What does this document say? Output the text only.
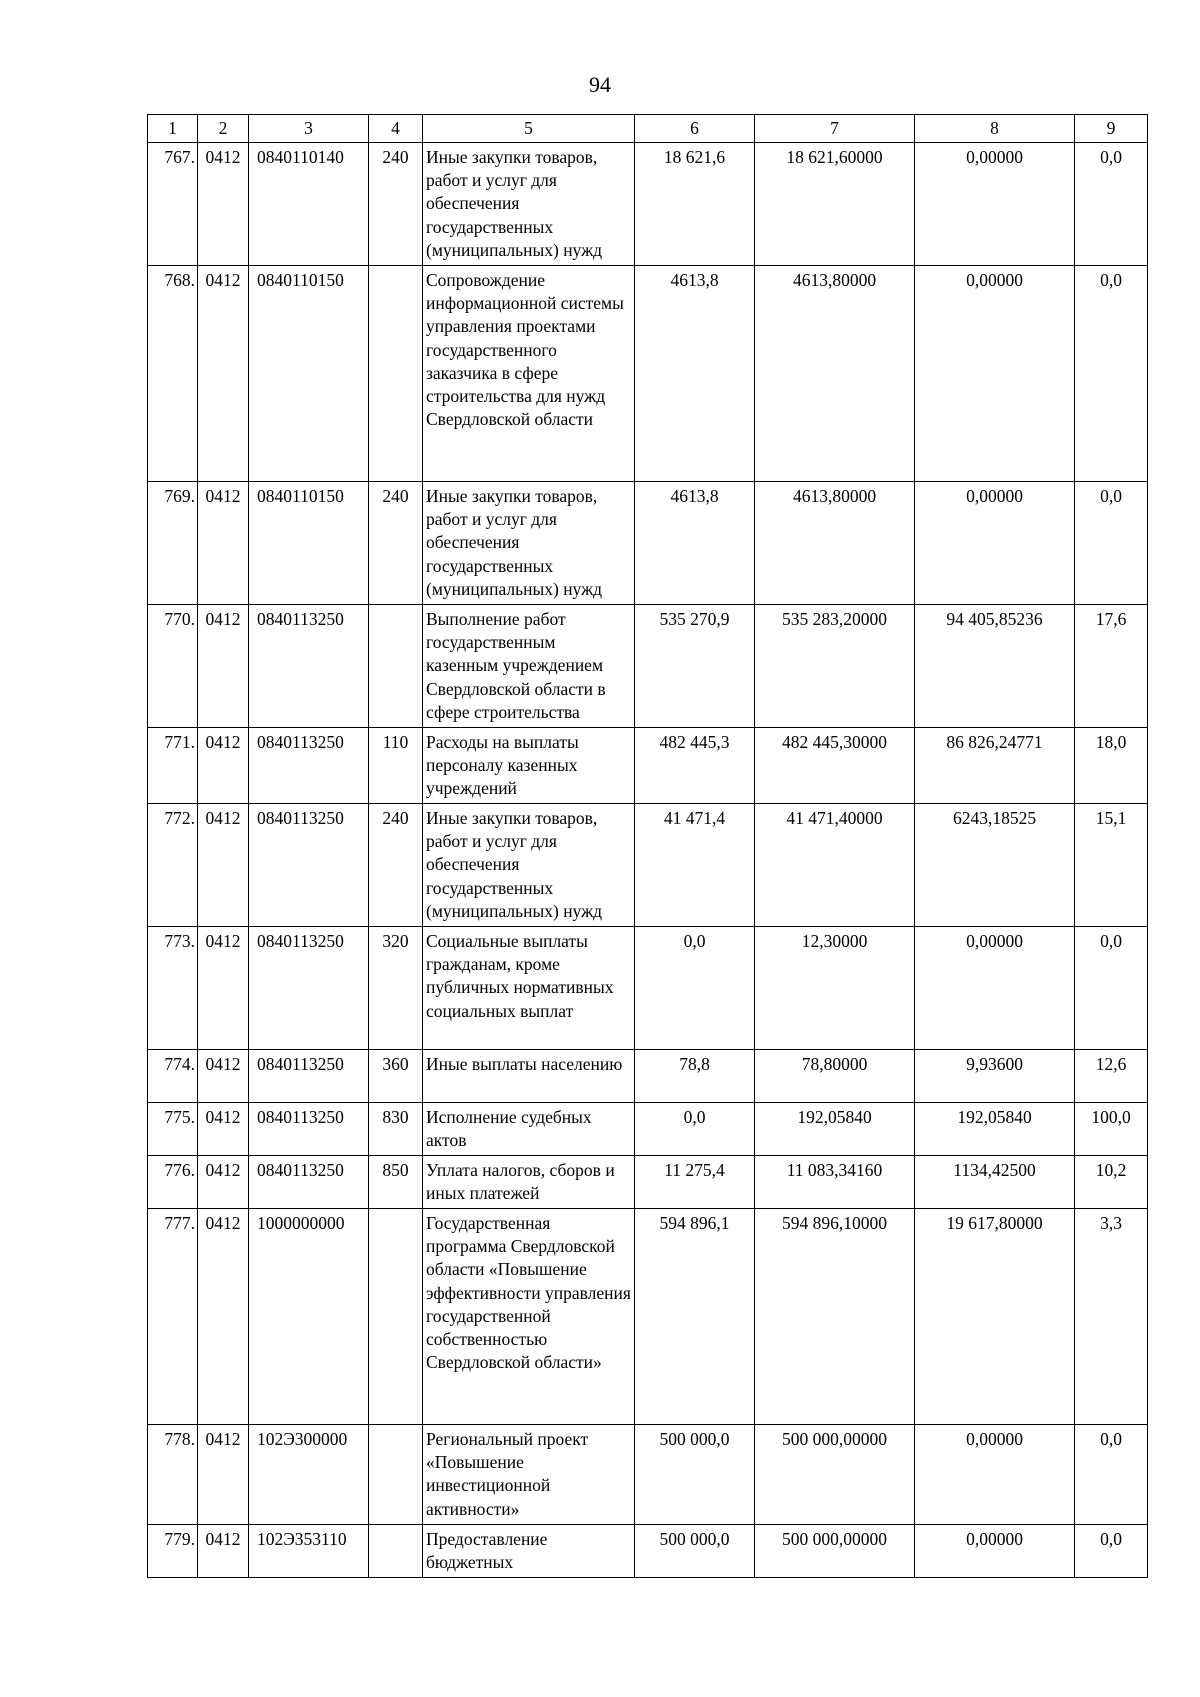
94
1	2	3	4	5	6	7	8	9
767.	0412	0840110140	240	Иные закупки товаров, работ и услуг для обеспечения государственных (муниципальных) нужд	18 621,6	18 621,60000	0,00000	0,0
768.	0412	0840110150		Сопровождение информационной системы управления проектами государственного заказчика в сфере строительства для нужд Свердловской области	4613,8	4613,80000	0,00000	0,0
769.	0412	0840110150	240	Иные закупки товаров, работ и услуг для обеспечения государственных (муниципальных) нужд	4613,8	4613,80000	0,00000	0,0
770.	0412	0840113250		Выполнение работ государственным казенным учреждением Свердловской области в сфере строительства	535 270,9	535 283,20000	94 405,85236	17,6
771.	0412	0840113250	110	Расходы на выплаты персоналу казенных учреждений	482 445,3	482 445,30000	86 826,24771	18,0
772.	0412	0840113250	240	Иные закупки товаров, работ и услуг для обеспечения государственных (муниципальных) нужд	41 471,4	41 471,40000	6243,18525	15,1
773.	0412	0840113250	320	Социальные выплаты гражданам, кроме публичных нормативных социальных выплат	0,0	12,30000	0,00000	0,0
774.	0412	0840113250	360	Иные выплаты населению	78,8	78,80000	9,93600	12,6
775.	0412	0840113250	830	Исполнение судебных актов	0,0	192,05840	192,05840	100,0
776.	0412	0840113250	850	Уплата налогов, сборов и иных платежей	11 275,4	11 083,34160	1134,42500	10,2
777.	0412	1000000000		Государственная программа Свердловской области «Повышение эффективности управления государственной собственностью Свердловской области»	594 896,1	594 896,10000	19 617,80000	3,3
778.	0412	102Э300000		Региональный проект «Повышение инвестиционной активности»	500 000,0	500 000,00000	0,00000	0,0
779.	0412	102Э353110		Предоставление бюджетных	500 000,0	500 000,00000	0,00000	0,0
